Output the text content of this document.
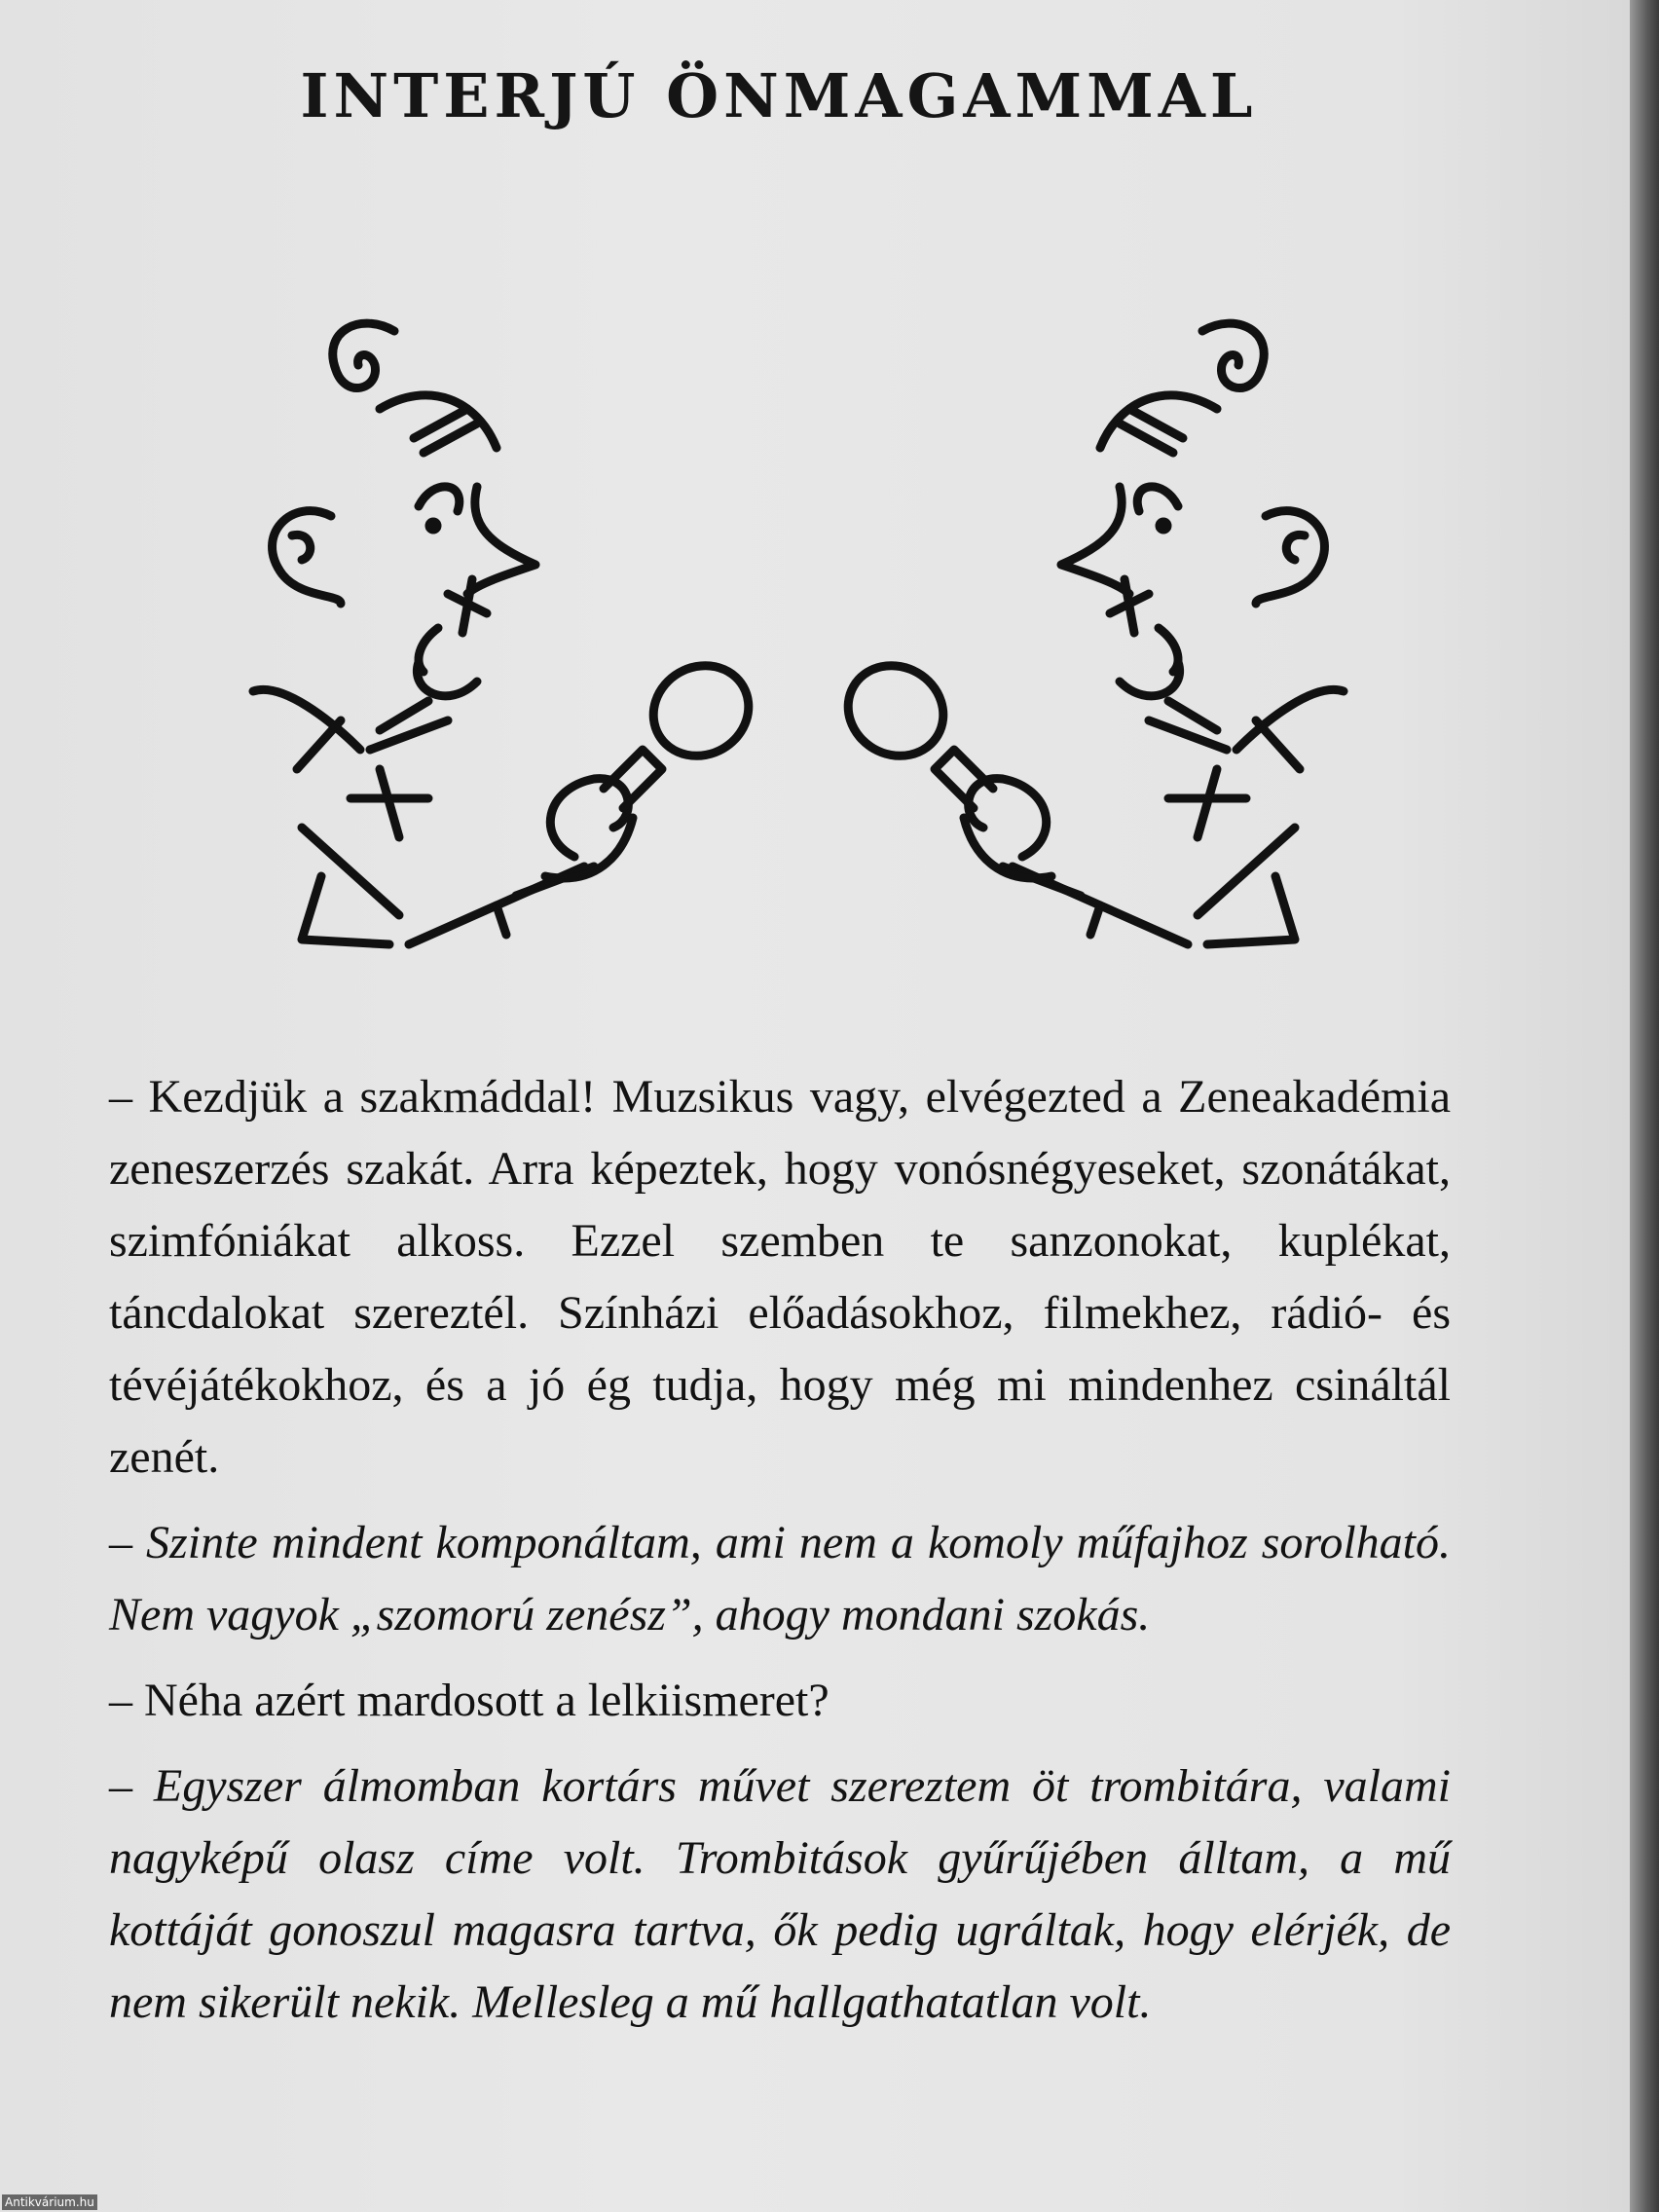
INTERJÚ ÖNMAGAMMAL

– Kezdjük a szakmáddal! Muzsikus vagy, elvégezted a Zeneakadémia zeneszerzés szakát. Arra képeztek, hogy vonósnégyeseket, szonátákat, szimfóniákat alkoss. Ezzel szemben te sanzonokat, kuplékat, táncdalokat szereztél. Színházi előadásokhoz, filmekhez, rádió- és tévéjátékokhoz, és a jó ég tudja, hogy még mi mindenhez csináltál zenét.

– Szinte mindent komponáltam, ami nem a komoly műfajhoz sorolható. Nem vagyok „szomorú zenész”, ahogy mondani szokás.

– Néha azért mardosott a lelkiismeret?

– Egyszer álmomban kortárs művet szereztem öt trombitára, valami nagyképű olasz címe volt. Trombitások gyűrűjében álltam, a mű kottáját gonoszul magasra tartva, ők pedig ugráltak, hogy elérjék, de nem sikerült nekik. Mellesleg a mű hallgathatatlan volt.

Antikvárium.hu
